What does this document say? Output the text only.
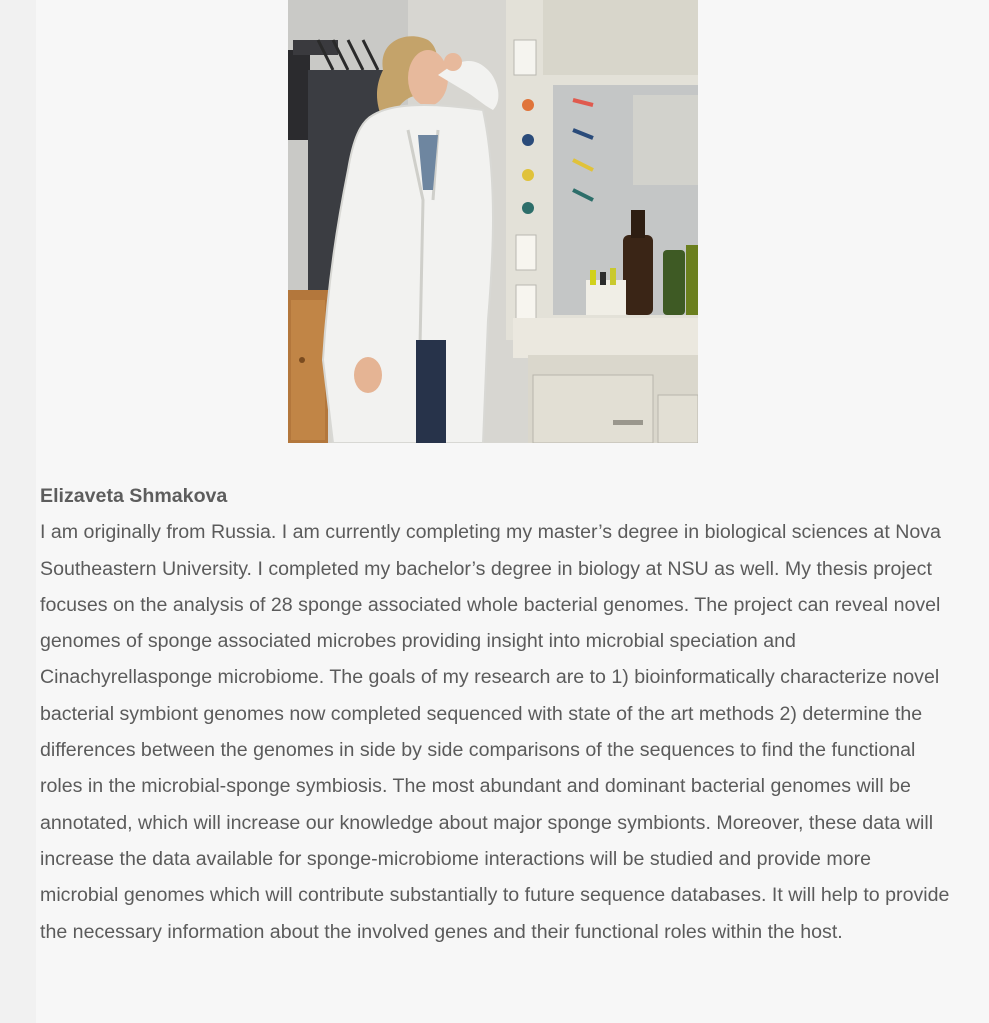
Elizaveta Shmakova

I am originally from Russia. I am currently completing my master’s degree in biological sciences at Nova Southeastern University. I completed my bachelor’s degree in biology at NSU as well. My thesis project focuses on the analysis of 28 sponge associated whole bacterial genomes. The project can reveal novel genomes of sponge associated microbes providing insight into microbial speciation and Cinachyrellasponge microbiome. The goals of my research are to 1) bioinformatically characterize novel bacterial symbiont genomes now completed sequenced with state of the art methods 2) determine the differences between the genomes in side by side comparisons of the sequences to find the functional roles in the microbial-sponge symbiosis. The most abundant and dominant bacterial genomes will be annotated, which will increase our knowledge about major sponge symbionts. Moreover, these data will increase the data available for sponge-microbiome interactions will be studied and provide more microbial genomes which will contribute substantially to future sequence databases. It will help to provide the necessary information about the involved genes and their functional roles within the host.
